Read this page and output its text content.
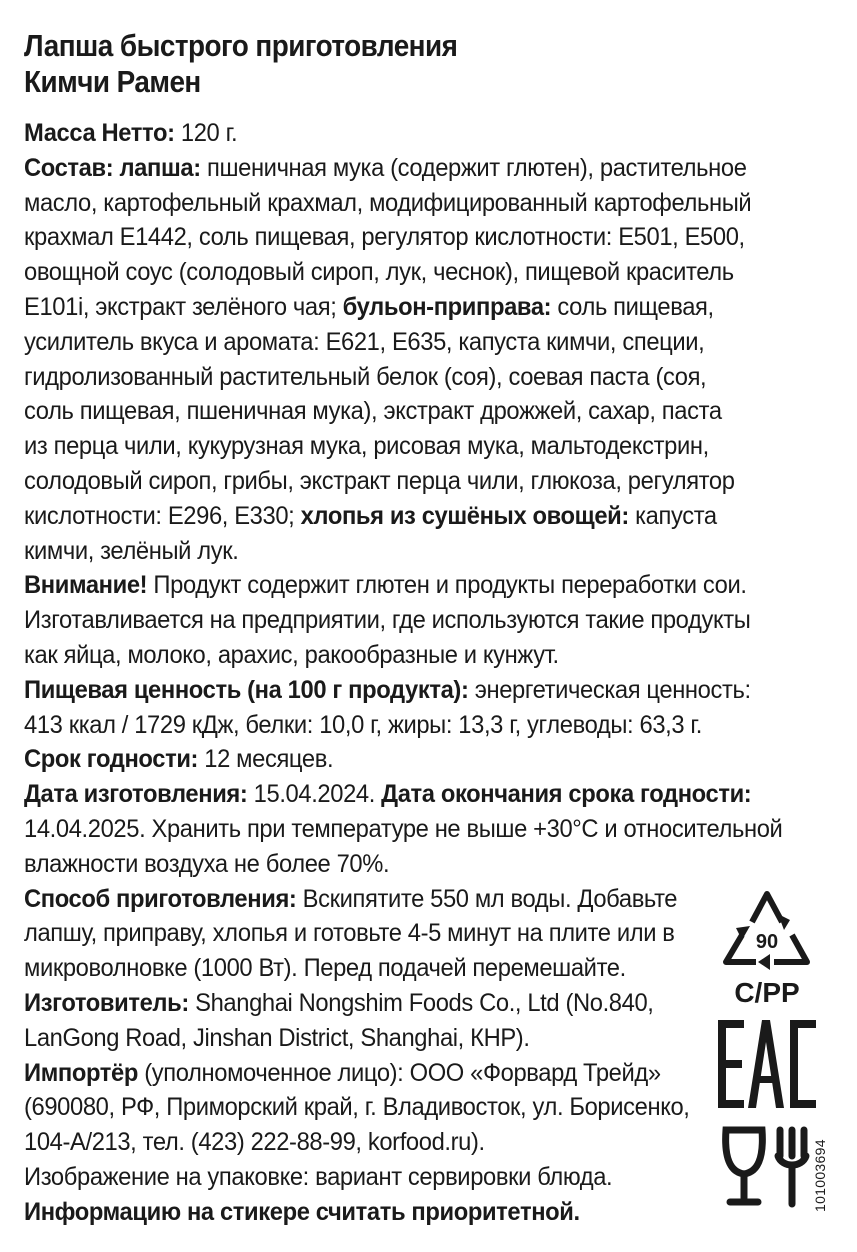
Лапша быстрого приготовления
Кимчи Рамен
Масса Нетто: 120 г.
Состав: лапша: пшеничная мука (содержит глютен), растительное
масло, картофельный крахмал, модифицированный картофельный
крахмал Е1442, соль пищевая, регулятор кислотности: Е501, Е500,
овощной соус (солодовый сироп, лук, чеснок), пищевой краситель
Е101i, экстракт зелёного чая; бульон-приправа: соль пищевая,
усилитель вкуса и аромата: Е621, Е635, капуста кимчи, специи,
гидролизованный растительный белок (соя), соевая паста (соя,
соль пищевая, пшеничная мука), экстракт дрожжей, сахар, паста
из перца чили, кукурузная мука, рисовая мука, мальтодекстрин,
солодовый сироп, грибы, экстракт перца чили, глюкоза, регулятор
кислотности: Е296, Е330; хлопья из сушёных овощей: капуста
кимчи, зелёный лук.
Внимание! Продукт содержит глютен и продукты переработки сои.
Изготавливается на предприятии, где используются такие продукты
как яйца, молоко, арахис, ракообразные и кунжут.
Пищевая ценность (на 100 г продукта): энергетическая ценность:
413 ккал / 1729 кДж, белки: 10,0 г, жиры: 13,3 г, углеводы: 63,3 г.
Срок годности: 12 месяцев.
Дата изготовления: 15.04.2024. Дата окончания срока годности:
14.04.2025. Хранить при температуре не выше +30°С и относительной
влажности воздуха не более 70%.
Способ приготовления: Вскипятите 550 мл воды. Добавьте
лапшу, приправу, хлопья и готовьте 4-5 минут на плите или в
микроволновке (1000 Вт). Перед подачей перемешайте.
Изготовитель: Shanghai Nongshim Foods Co., Ltd (No.840,
LanGong Road, Jinshan District, Shanghai, КНР).
Импортёр (уполномоченное лицо): ООО «Форвард Трейд»
(690080, РФ, Приморский край, г. Владивосток, ул. Борисенко,
104-А/213, тел. (423) 222-88-99, korfood.ru).
Изображение на упаковке: вариант сервировки блюда.
Информацию на стикере считать приоритетной.
90
C/PP
101003694
